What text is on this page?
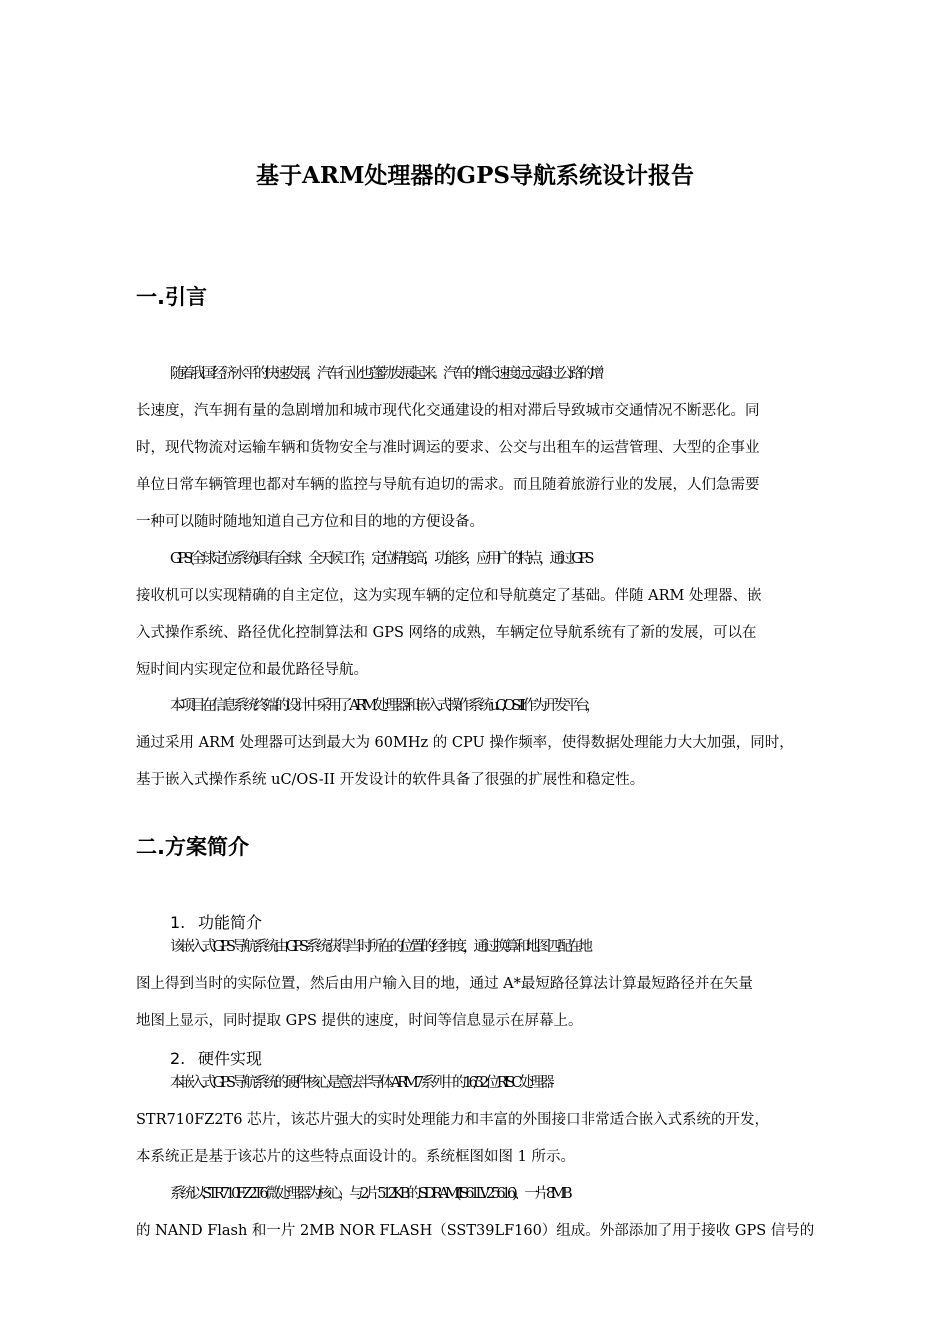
基于ARM处理器的GPS导航系统设计报告
一.引言
随着我国经济水平的快速发展，汽车行业也蓬勃发展起来。汽车的增长速度远远超过公路的增
长速度，汽车拥有量的急剧增加和城市现代化交通建设的相对滞后导致城市交通情况不断恶化。同
时，现代物流对运输车辆和货物安全与准时调运的要求、公交与出租车的运营管理、大型的企事业
单位日常车辆管理也都对车辆的监控与导航有迫切的需求。而且随着旅游行业的发展，人们急需要
一种可以随时随地知道自己方位和目的地的方便设备。
GPS(全球定位系统)具有全球、全天候工作，定位精度高，功能多，应用广的特点，通过 GPS
接收机可以实现精确的自主定位，这为实现车辆的定位和导航奠定了基础。伴随 ARM 处理器、嵌
入式操作系统、路径优化控制算法和 GPS 网络的成熟，车辆定位导航系统有了新的发展，可以在
短时间内实现定位和最优路径导航。
本项目在信息系统终端的设计中采用了 ARM 处理器和嵌入式操作系统 uC/OS-II 作为开发平台，
通过采用 ARM 处理器可达到最大为 60MHz 的 CPU 操作频率，使得数据处理能力大大加强，同时，
基于嵌入式操作系统 uC/OS-II 开发设计的软件具备了很强的扩展性和稳定性。
二.方案简介
1. 功能简介
该嵌入式 GPS 导航系统由 GPS 系统获得当时所在的位置的经纬度，通过换算和地图匹配在地
图上得到当时的实际位置，然后由用户输入目的地，通过 A*最短路径算法计算最短路径并在矢量
地图上显示，同时提取 GPS 提供的速度，时间等信息显示在屏幕上。
2. 硬件实现
本嵌入式 GPS 导航系统的硬件核心是意法半导体 ARM7 系列中的 16/32 位 RISC 处理器
STR710FZ2T6 芯片，该芯片强大的实时处理能力和丰富的外围接口非常适合嵌入式系统的开发，
本系统正是基于该芯片的这些特点面设计的。系统框图如图 1 所示。
系统以 STR710FZ2T6 微处理器为核心，与 2 片 512KB 的 SDRAM(IS61LV25616)、一片 8MB
的 NAND Flash 和一片 2MB NOR FLASH（SST39LF160）组成。外部添加了用于接收 GPS 信号的
